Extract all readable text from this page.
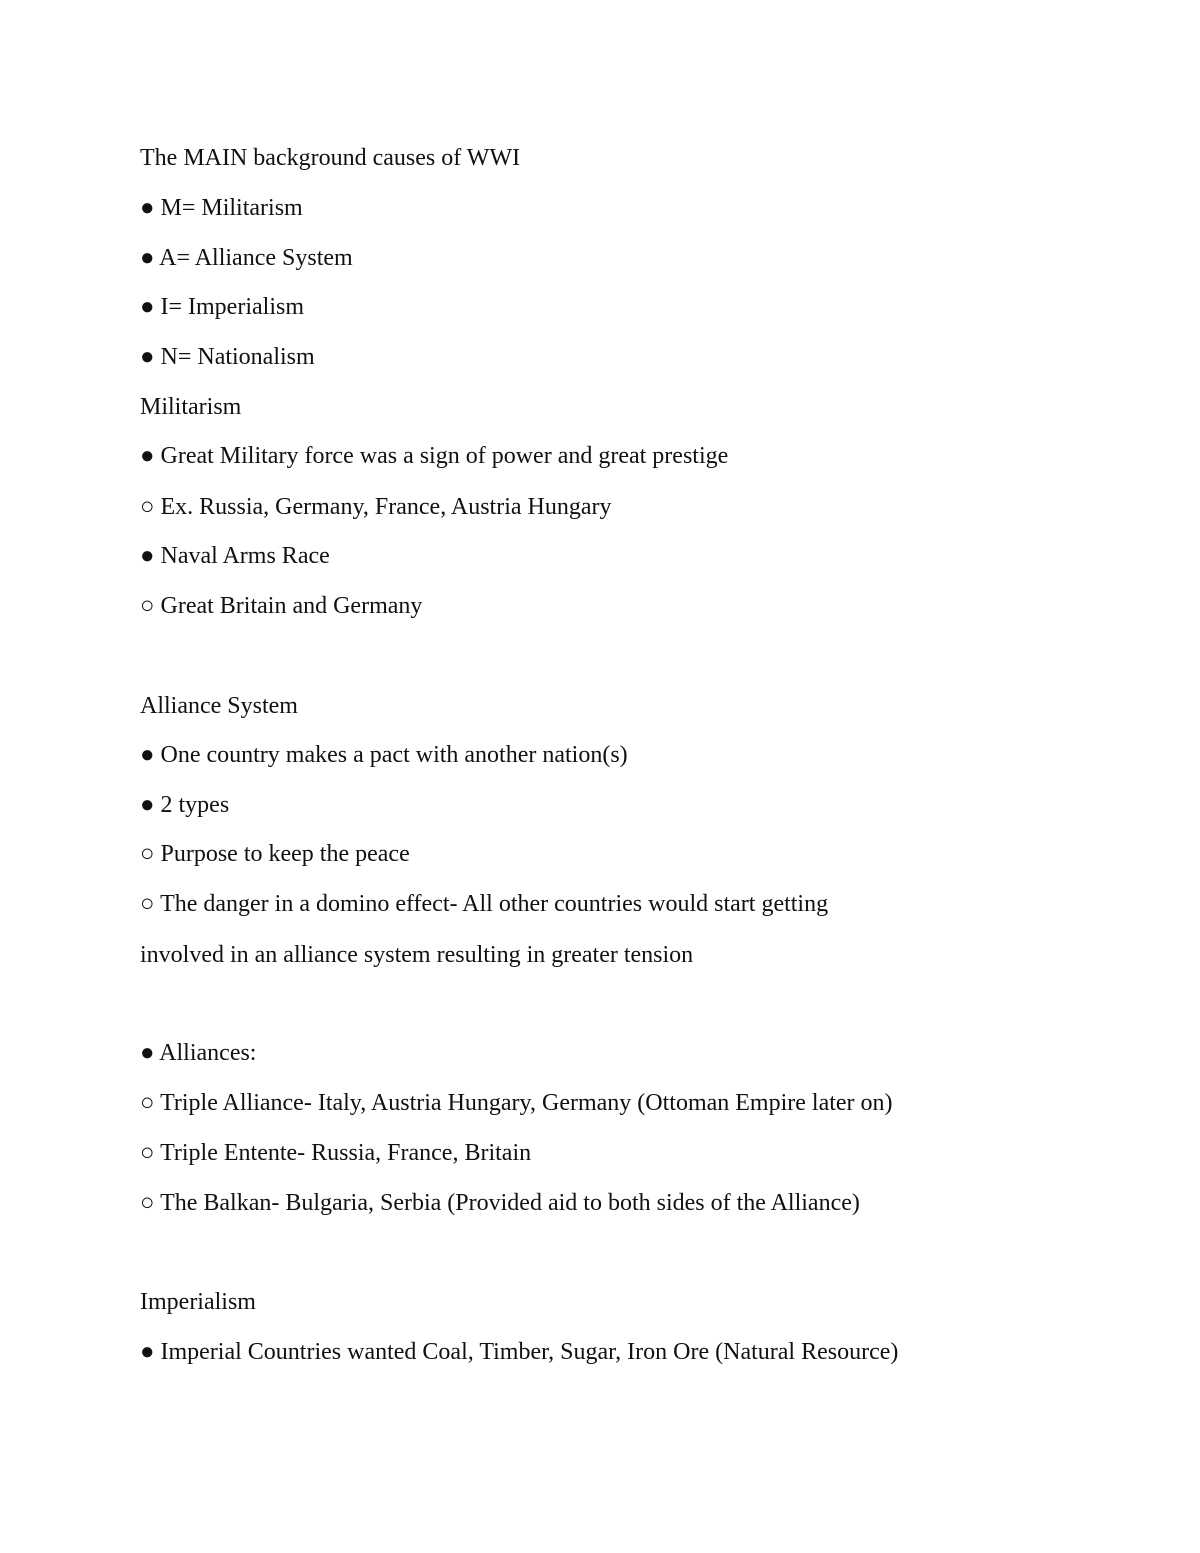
The MAIN background causes of WWI
● M= Militarism
● A= Alliance System
● I= Imperialism
● N= Nationalism
Militarism
● Great Military force was a sign of power and great prestige
○ Ex. Russia, Germany, France, Austria Hungary
● Naval Arms Race
○ Great Britain and Germany
Alliance System
● One country makes a pact with another nation(s)
● 2 types
○ Purpose to keep the peace
○ The danger in a domino effect- All other countries would start getting
involved in an alliance system resulting in greater tension
● Alliances:
○ Triple Alliance- Italy, Austria Hungary, Germany (Ottoman Empire later on)
○ Triple Entente- Russia, France, Britain
○ The Balkan- Bulgaria, Serbia (Provided aid to both sides of the Alliance)
Imperialism
● Imperial Countries wanted Coal, Timber, Sugar, Iron Ore (Natural Resource)
